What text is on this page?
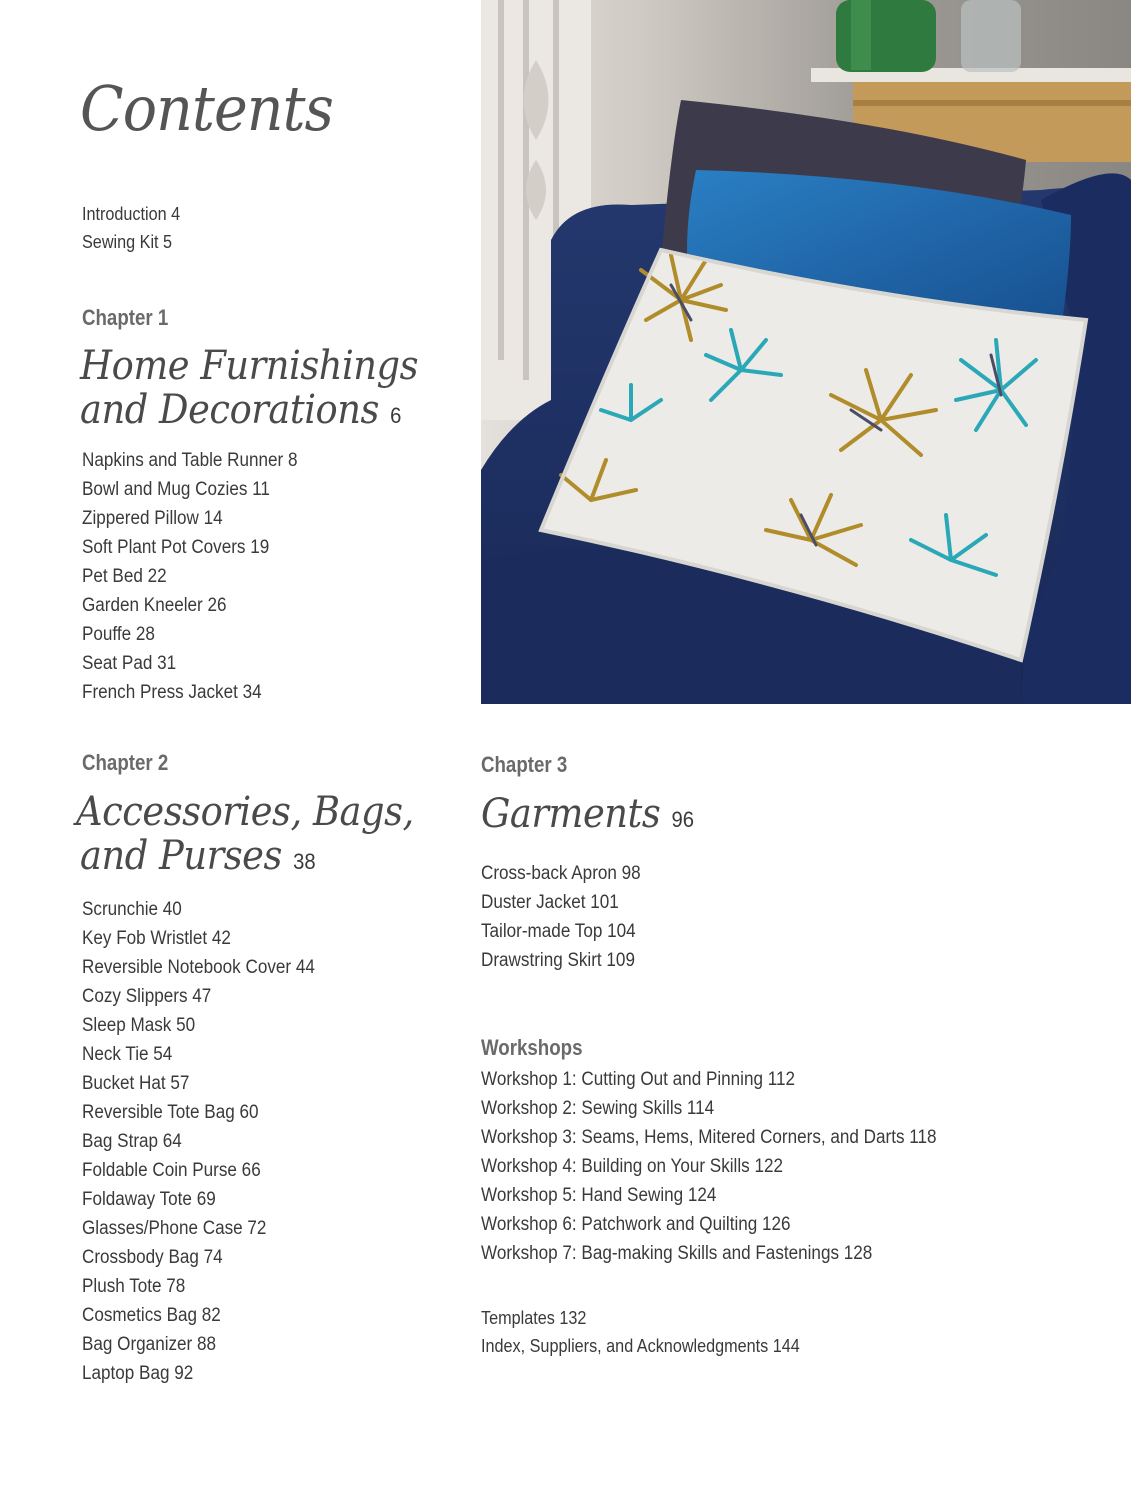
Contents
Introduction 4
Sewing Kit 5
Chapter 1
Home Furnishings
and Decorations 6
Napkins and Table Runner 8
Bowl and Mug Cozies 11
Zippered Pillow 14
Soft Plant Pot Covers 19
Pet Bed 22
Garden Kneeler 26
Pouffe 28
Seat Pad 31
French Press Jacket 34
Chapter 2
Accessories, Bags,
and Purses 38
Scrunchie 40
Key Fob Wristlet 42
Reversible Notebook Cover 44
Cozy Slippers 47
Sleep Mask 50
Neck Tie 54
Bucket Hat 57
Reversible Tote Bag 60
Bag Strap 64
Foldable Coin Purse 66
Foldaway Tote 69
Glasses/Phone Case 72
Crossbody Bag 74
Plush Tote 78
Cosmetics Bag 82
Bag Organizer 88
Laptop Bag 92
Chapter 3
Garments 96
Cross-back Apron 98
Duster Jacket 101
Tailor-made Top 104
Drawstring Skirt 109
Workshops
Workshop 1: Cutting Out and Pinning 112
Workshop 2: Sewing Skills 114
Workshop 3: Seams, Hems, Mitered Corners, and Darts 118
Workshop 4: Building on Your Skills 122
Workshop 5: Hand Sewing 124
Workshop 6: Patchwork and Quilting 126
Workshop 7: Bag-making Skills and Fastenings 128
Templates 132
Index, Suppliers, and Acknowledgments 144
